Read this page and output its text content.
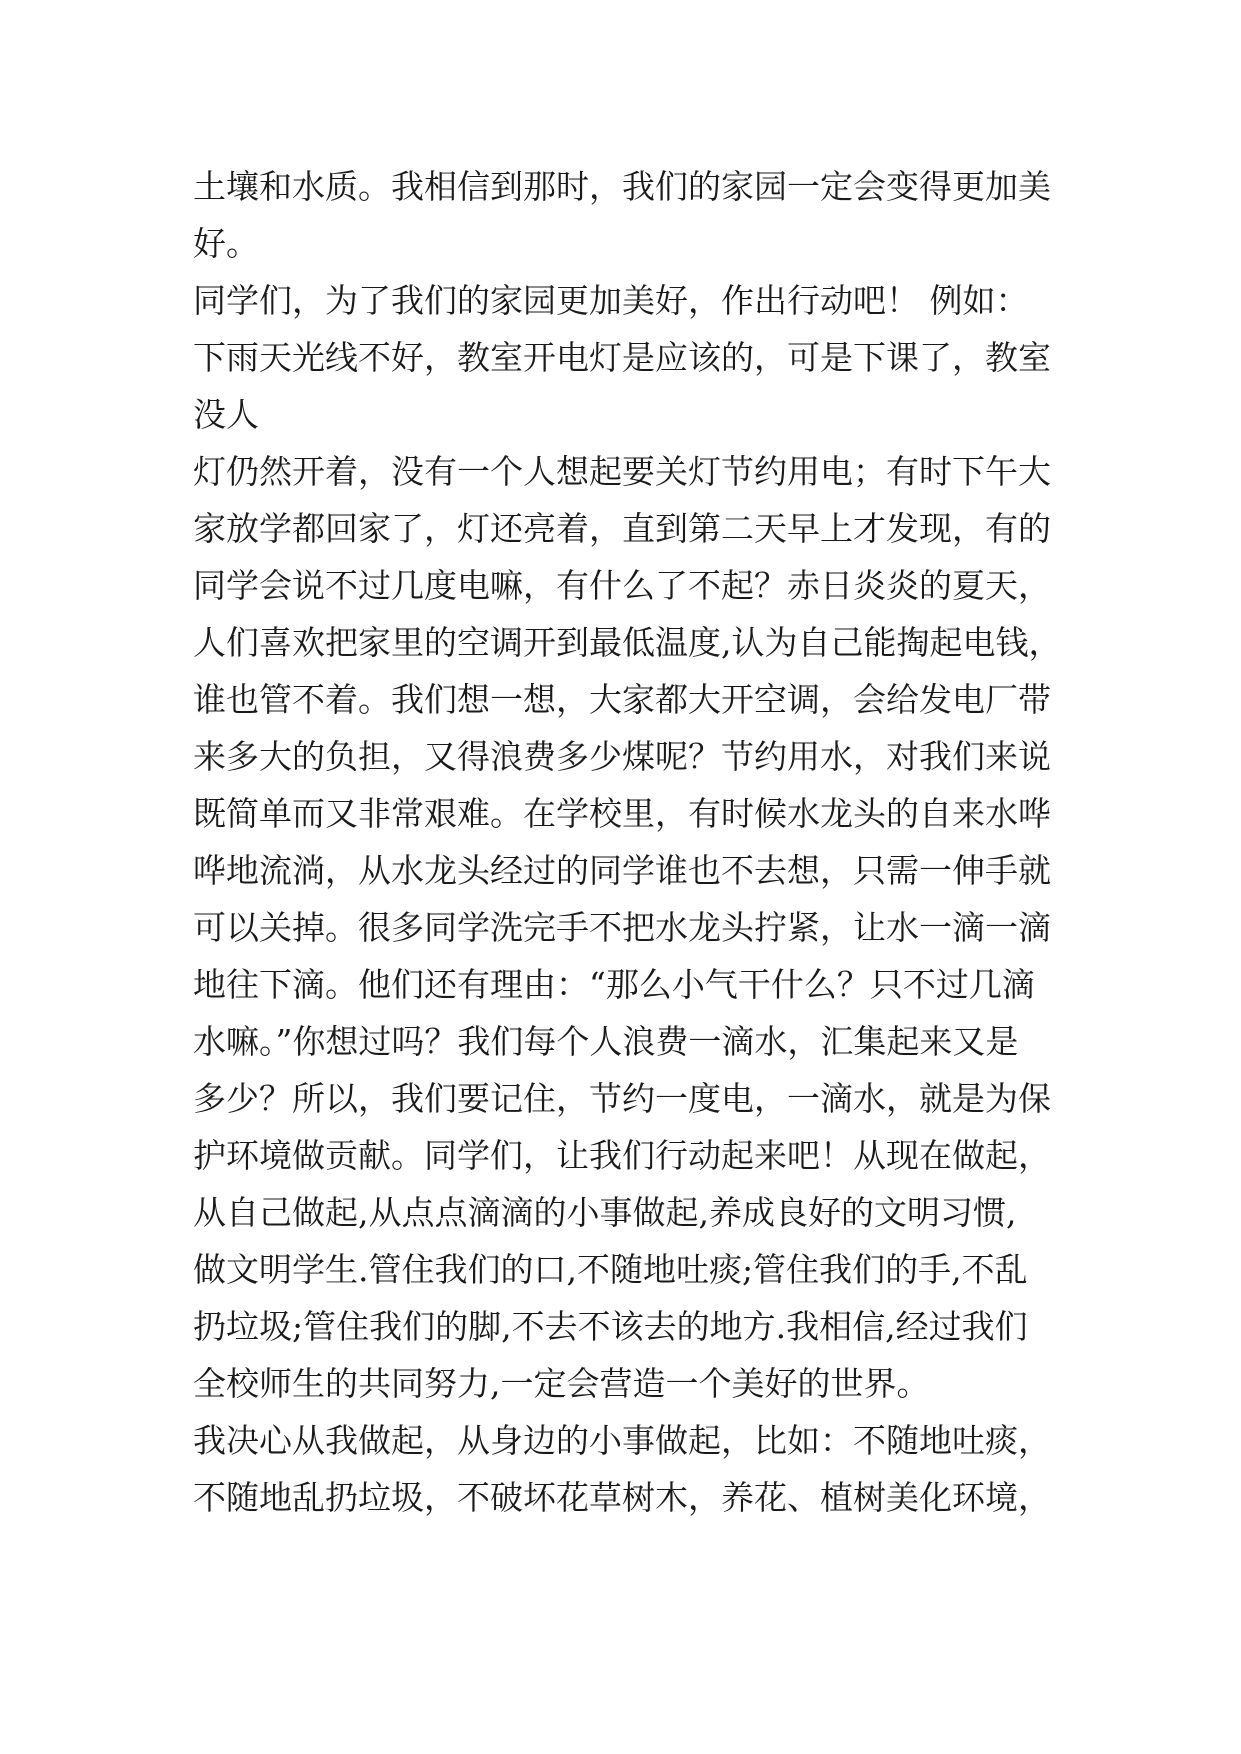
土壤和水质。我相信到那时，我们的家园一定会变得更加美
好。
同学们，为了我们的家园更加美好，作出行动吧！ 例如：
下雨天光线不好，教室开电灯是应该的，可是下课了，教室
没人
灯仍然开着，没有一个人想起要关灯节约用电；有时下午大
家放学都回家了，灯还亮着，直到第二天早上才发现，有的
同学会说不过几度电嘛，有什么了不起？赤日炎炎的夏天，
人们喜欢把家里的空调开到最低温度,认为自己能掏起电钱，
谁也管不着。我们想一想，大家都大开空调，会给发电厂带
来多大的负担，又得浪费多少煤呢？节约用水，对我们来说
既简单而又非常艰难。在学校里，有时候水龙头的自来水哗
哗地流淌，从水龙头经过的同学谁也不去想，只需一伸手就
可以关掉。很多同学洗完手不把水龙头拧紧，让水一滴一滴
地往下滴。他们还有理由：“那么小气干什么？只不过几滴
水嘛。”你想过吗？我们每个人浪费一滴水，汇集起来又是
多少？所以，我们要记住，节约一度电，一滴水，就是为保
护环境做贡献。同学们，让我们行动起来吧！从现在做起，
从自己做起,从点点滴滴的小事做起,养成良好的文明习惯,
做文明学生.管住我们的口,不随地吐痰;管住我们的手,不乱
扔垃圾;管住我们的脚,不去不该去的地方.我相信,经过我们
全校师生的共同努力,一定会营造一个美好的世界。
我决心从我做起，从身边的小事做起，比如：不随地吐痰，
不随地乱扔垃圾，不破坏花草树木，养花、植树美化环境，
